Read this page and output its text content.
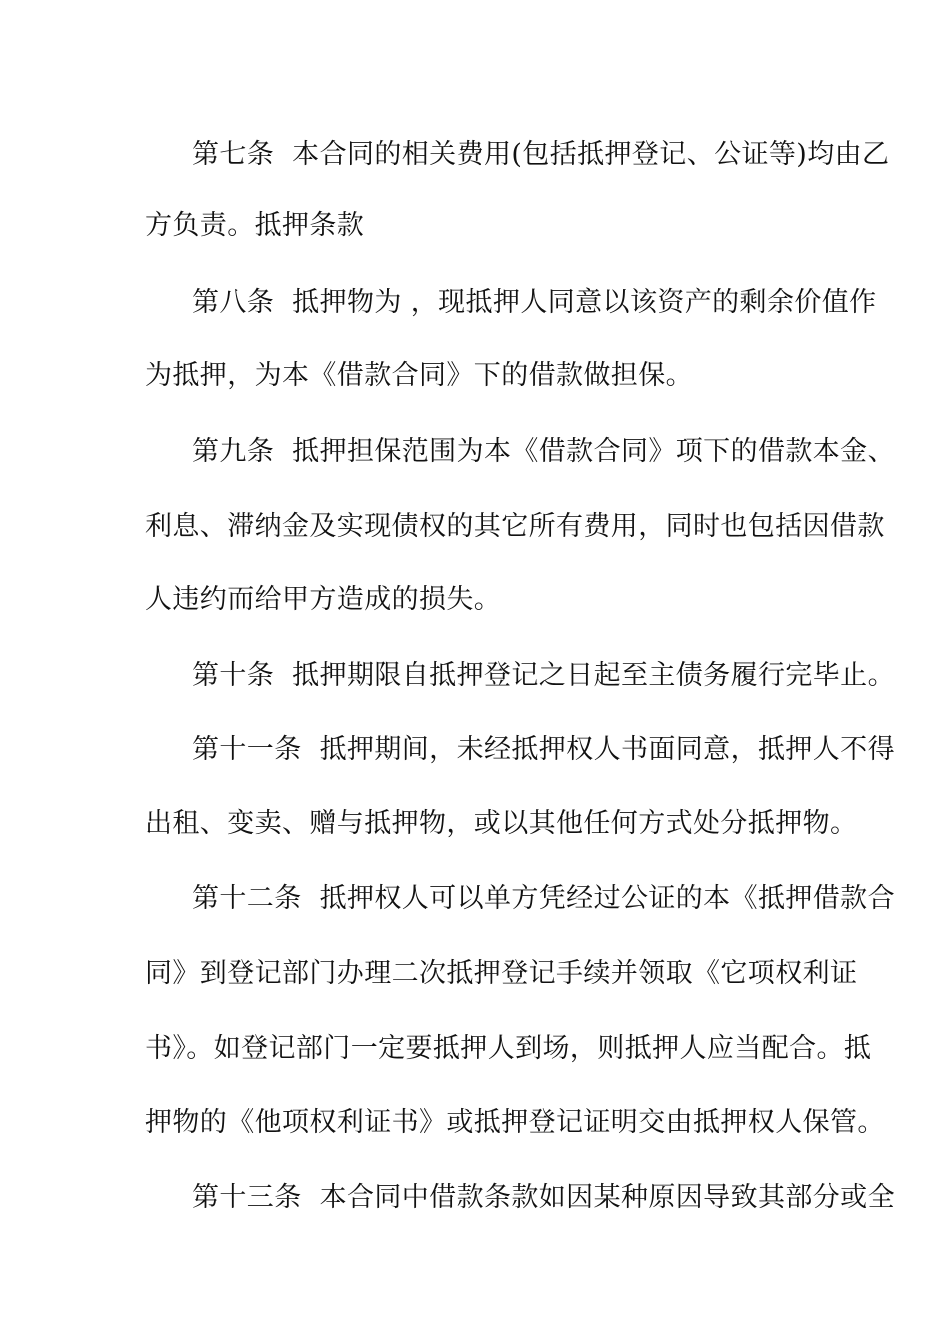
第七条  本合同的相关费用(包括抵押登记、公证等)均由乙
方负责。抵押条款
第八条  抵押物为 ，现抵押人同意以该资产的剩余价值作
为抵押，为本《借款合同》下的借款做担保。
第九条  抵押担保范围为本《借款合同》项下的借款本金、
利息、滞纳金及实现债权的其它所有费用，同时也包括因借款
人违约而给甲方造成的损失。
第十条  抵押期限自抵押登记之日起至主债务履行完毕止。
第十一条  抵押期间，未经抵押权人书面同意，抵押人不得
出租、变卖、赠与抵押物，或以其他任何方式处分抵押物。
第十二条  抵押权人可以单方凭经过公证的本《抵押借款合
同》到登记部门办理二次抵押登记手续并领取《它项权利证
书》。如登记部门一定要抵押人到场，则抵押人应当配合。抵
押物的《他项权利证书》或抵押登记证明交由抵押权人保管。
第十三条  本合同中借款条款如因某种原因导致其部分或全
